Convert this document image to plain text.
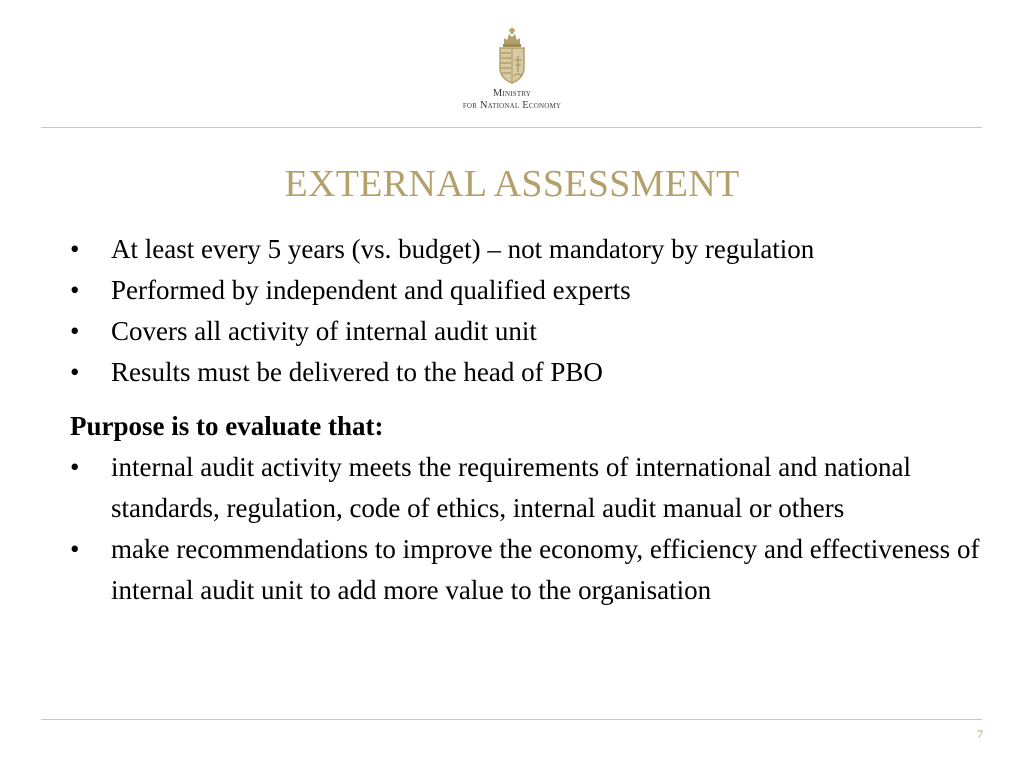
Ministry
for National Economy
EXTERNAL ASSESSMENT
• At least every 5 years (vs. budget) – not mandatory by regulation
• Performed by independent and qualified experts
• Covers all activity of internal audit unit
• Results must be delivered to the head of PBO

Purpose is to evaluate that:

• internal audit activity meets the requirements of international and national standards, regulation, code of ethics, internal audit manual or others
• make recommendations to improve the economy, efficiency and effectiveness of internal audit unit to add more value to the organisation
7
